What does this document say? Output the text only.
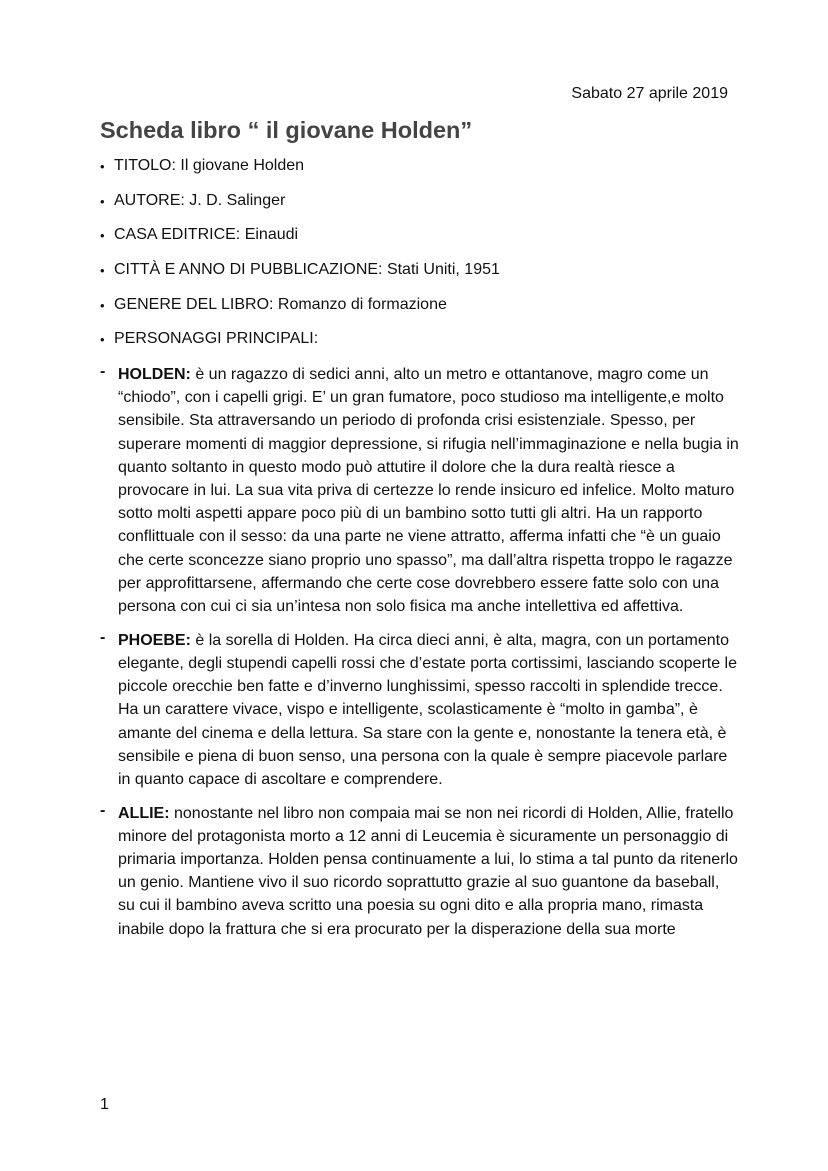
Sabato 27 aprile 2019
Scheda libro “ il giovane Holden”
• TITOLO: Il giovane Holden
• AUTORE: J. D. Salinger
• CASA EDITRICE: Einaudi
• CITTÀ E ANNO DI PUBBLICAZIONE: Stati Uniti, 1951
• GENERE DEL LIBRO: Romanzo di formazione
• PERSONAGGI PRINCIPALI:
- HOLDEN: è un ragazzo di sedici anni, alto un metro e ottantanove, magro come un “chiodo”, con i capelli grigi. E’ un gran fumatore, poco studioso ma intelligente,e molto sensibile. Sta attraversando un periodo di profonda crisi esistenziale. Spesso, per superare momenti di maggior depressione, si rifugia nell’immaginazione e nella bugia in quanto soltanto in questo modo può attutire il dolore che la dura realtà riesce a provocare in lui. La sua vita priva di certezze lo rende insicuro ed infelice. Molto maturo sotto molti aspetti appare poco più di un bambino sotto tutti gli altri. Ha un rapporto conflittuale con il sesso: da una parte ne viene attratto, afferma infatti che “è un guaio che certe sconcezze siano proprio uno spasso”, ma dall’altra rispetta troppo le ragazze per approfittarsene, affermando che certe cose dovrebbero essere fatte solo con una persona con cui ci sia un’intesa non solo fisica ma anche intellettiva ed affettiva.
- PHOEBE: è la sorella di Holden. Ha circa dieci anni, è alta, magra, con un portamento elegante, degli stupendi capelli rossi che d’estate porta cortissimi, lasciando scoperte le piccole orecchie ben fatte e d’inverno lunghissimi, spesso raccolti in splendide trecce. Ha un carattere vivace, vispo e intelligente, scolasticamente è “molto in gamba”, è amante del cinema e della lettura. Sa stare con la gente e, nonostante la tenera età, è sensibile e piena di buon senso, una persona con la quale è sempre piacevole parlare in quanto capace di ascoltare e comprendere.
- ALLIE: nonostante nel libro non compaia mai se non nei ricordi di Holden, Allie, fratello minore del protagonista morto a 12 anni di Leucemia è sicuramente un personaggio di primaria importanza. Holden pensa continuamente a lui, lo stima a tal punto da ritenerlo un genio. Mantiene vivo il suo ricordo soprattutto grazie al suo guantone da baseball, su cui il bambino aveva scritto una poesia su ogni dito e alla propria mano, rimasta inabile dopo la frattura che si era procurato per la disperazione della sua morte
1
